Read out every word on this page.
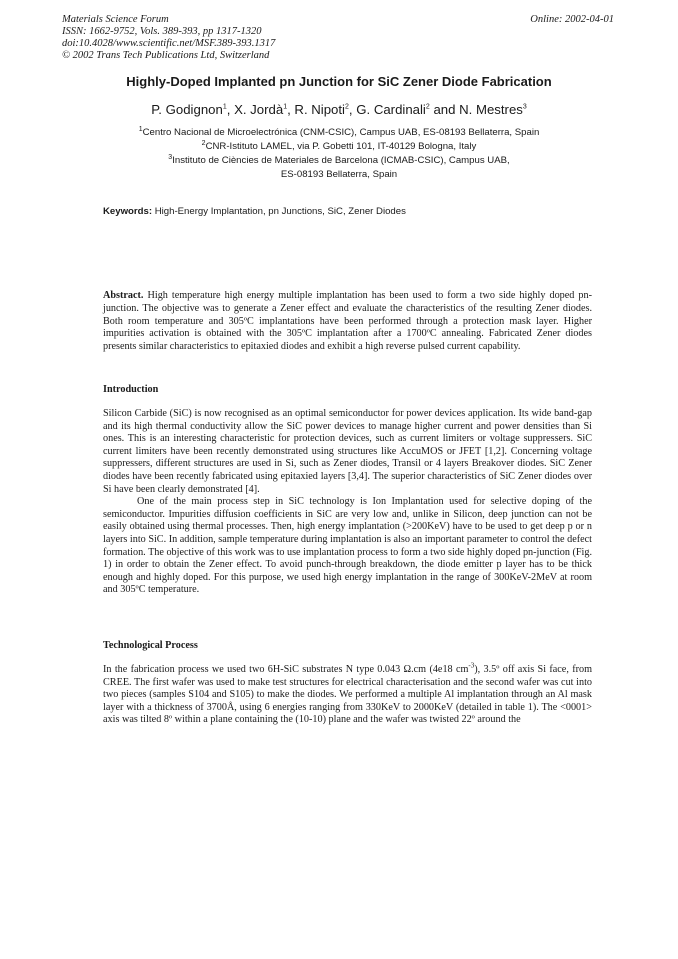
Materials Science Forum
ISSN: 1662-9752, Vols. 389-393, pp 1317-1320
doi:10.4028/www.scientific.net/MSF.389-393.1317
© 2002 Trans Tech Publications Ltd, Switzerland
Online: 2002-04-01
Highly-Doped Implanted pn Junction for SiC Zener Diode Fabrication
P. Godignon$^1$, X. Jordà$^1$, R. Nipoti$^2$, G. Cardinali$^2$ and N. Mestres$^3$
$^1$Centro Nacional de Microelectrónica (CNM-CSIC), Campus UAB, ES-08193 Bellaterra, Spain
$^2$CNR-Istituto LAMEL, via P. Gobetti 101, IT-40129 Bologna, Italy
$^3$Instituto de Ciències de Materiales de Barcelona (ICMAB-CSIC), Campus UAB,
ES-08193 Bellaterra, Spain
Keywords: High-Energy Implantation, pn Junctions, SiC, Zener Diodes
Abstract. High temperature high energy multiple implantation has been used to form a two side highly doped pn-junction. The objective was to generate a Zener effect and evaluate the characteristics of the resulting Zener diodes. Both room temperature and 305ºC implantations have been performed through a protection mask layer. Higher impurities activation is obtained with the 305ºC implantation after a 1700ºC annealing. Fabricated Zener diodes presents similar characteristics to epitaxied diodes and exhibit a high reverse pulsed current capability.
Introduction

Silicon Carbide (SiC) is now recognised as an optimal semiconductor for power devices application. Its wide band-gap and its high thermal conductivity allow the SiC power devices to manage higher current and power densities than Si ones. This is an interesting characteristic for protection devices, such as current limiters or voltage suppressers. SiC current limiters have been recently demonstrated using structures like AccuMOS or JFET [1,2]. Concerning voltage suppressers, different structures are used in Si, such as Zener diodes, Transil or 4 layers Breakover diodes. SiC Zener diodes have been recently fabricated using epitaxied layers [3,4]. The superior characteristics of SiC Zener diodes over Si have been clearly demonstrated [4].

One of the main process step in SiC technology is Ion Implantation used for selective doping of the semiconductor. Impurities diffusion coefficients in SiC are very low and, unlike in Silicon, deep junction can not be easily obtained using thermal processes. Then, high energy implantation (>200KeV) have to be used to get deep p or n layers into SiC. In addition, sample temperature during implantation is also an important parameter to control the defect formation. The objective of this work was to use implantation process to form a two side highly doped pn-junction (Fig. 1) in order to obtain the Zener effect. To avoid punch-through breakdown, the diode emitter p layer has to be thick enough and highly doped. For this purpose, we used high energy implantation in the range of 300KeV-2MeV at room and 305ºC temperature.

Technological Process

In the fabrication process we used two 6H-SiC substrates N type 0.043 Ω.cm (4e18 $cm^{-3}$), 3.5º off axis Si face, from CREE. The first wafer was used to make test structures for electrical characterisation and the second wafer was cut into two pieces (samples S104 and S105) to make the diodes. We performed a multiple Al implantation through an Al mask layer with a thickness of 3700Å, using 6 energies ranging from 330KeV to 2000KeV (detailed in table 1). The <0001> axis was tilted 8º within a plane containing the (10-10) plane and the wafer was twisted 22º around the
